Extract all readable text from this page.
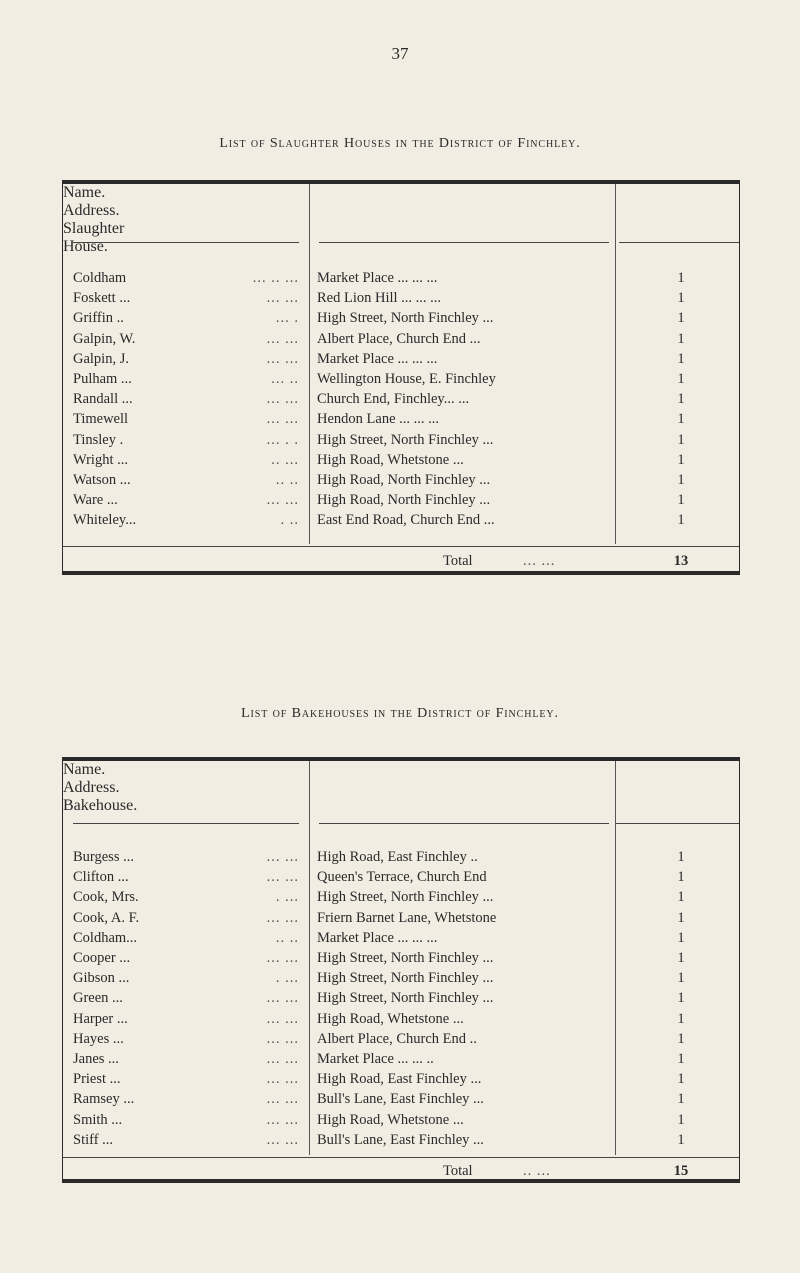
37
List of Slaughter Houses in the District of Finchley.
Name.
Address.
Slaughter House.
Coldham	... .. ... Market Place ... ... ...	1
Foskett ...	... ... Red Lion Hill ... ... ...	1
Griffin ..	... . High Street, North Finchley ...	1
Galpin, W.	... ... Albert Place, Church End ...	1
Galpin, J.	... ... Market Place ... ... ...	1
Pulham ...	... .. Wellington House, E. Finchley	1
Randall ...	... ... Church End, Finchley... ...	1
Timewell	... ... Hendon Lane ... ... ...	1
Tinsley .	... . . High Street, North Finchley ...	1
Wright ...	.. ... High Road, Whetstone ...	1
Watson ...	.. .. High Road, North Finchley ...	1
Ware ...	... ... High Road, North Finchley ...	1
Whiteley...	. .. East End Road, Church End ...	1
Total	... ...	13
List of Bakehouses in the District of Finchley.
Name.
Address.
Bakehouse.
Burgess ...	... ... High Road, East Finchley ..	1
Clifton ...	... ... Queen's Terrace, Church End	1
Cook, Mrs.	. ... High Street, North Finchley ...	1
Cook, A. F.	... ... Friern Barnet Lane, Whetstone	1
Coldham...	.. .. Market Place ... ... ...	1
Cooper ...	... ... High Street, North Finchley ...	1
Gibson ...	. ... High Street, North Finchley ...	1
Green ...	... ... High Street, North Finchley ...	1
Harper ...	... ... High Road, Whetstone ...	1
Hayes ...	... ... Albert Place, Church End ..	1
Janes ...	... ... Market Place ... ... ..	1
Priest ...	... ... High Road, East Finchley ...	1
Ramsey ...	... ... Bull's Lane, East Finchley ...	1
Smith ...	... ... High Road, Whetstone ...	1
Stiff ...	... ... Bull's Lane, East Finchley ...	1
Total	.. ...	15
